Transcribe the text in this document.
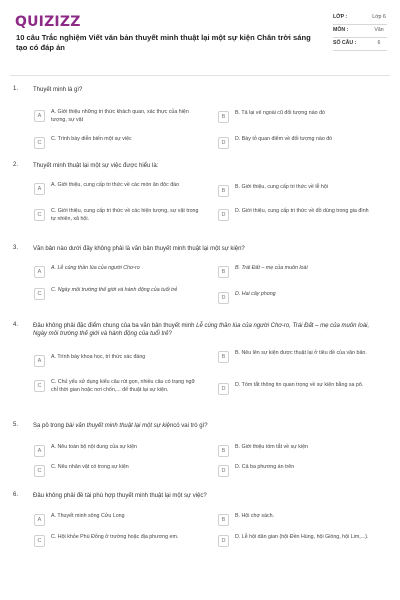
QUIZIZZ
10 câu Trắc nghiệm Viết văn bản thuyết minh thuật lại một sự kiện Chân trời sáng tạo có đáp án
LỚP :	Lớp 6
MÔN :	Văn
SỐ CÂU :	6
1.	Thuyết minh là gì?
A
A. Giới thiệu những tri thức khách quan, xác thực của hiện tượng, sự vật	B
B. Tả lại vẻ ngoài cũ đối tượng nào đó
C
C. Trình bày diễn biến một sự việc
D
D. Bày tỏ quan điểm về đối tượng nào đó
2.	Thuyết minh thuật lại một sự việc được hiểu là:
A
A. Giới thiệu, cung cấp tri thức về các món ăn độc đáo
B
B. Giới thiệu, cung cấp tri thức về lễ hội
C
C. Giới thiệu, cung cấp tri thức về các hiện tượng, sự vật trong tự nhiên, xã hội.
D
D. Giới thiệu, cung cấp tri thức về đồ dùng trong gia đình
3.	Văn bản nào dưới đây không phải là văn bản thuyết minh thuật lại một sự kiện?
A
A. Lễ cúng thần lúa của người Chơ-ro
B
B. Trái Đất – mẹ của muôn loài
C
C. Ngày môi trường thế giới và hành động của tuổi trẻ
D
D. Hai cây phong
4.	Đâu không phải đặc điểm chung của ba văn bản thuyết minh Lễ cúng thần lúa của người Chơ-ro, Trái Đất – mẹ của muôn loài, Ngày môi trường thế giới và hành động của tuổi trẻ?
A
A. Trình bày khoa học, trí thức xác đáng	B
B. Nêu lên sự kiện được thuật lại ở tiêu đề của văn bản.
C
C. Chủ yếu sử dụng kiểu câu rút gọn, nhiều câu có trạng ngữ chỉ thời gian hoặc nơi chốn,... để thuật lại sự kiện.	D
D. Tóm tắt thông tin quan trọng về sự kiện bằng sa pô.
5.	Sa pô trong bài văn thuyết minh thuật lại một sự kiệncó vai trò gì?
A
A. Nêu toàn bộ nội dung của sự kiện
B
B. Giới thiệu tóm tắt về sự kiện
C
C. Nêu nhân vật có trong sự kiện
D
D. Cả ba phương án trên
6.	Đâu không phải đề tài phù hợp thuyết minh thuật lại một sự việc?
A
A. Thuyết minh sông Cửu Long
B
B. Hội chợ sách.
C
C. Hội khỏe Phù Đổng ở trường hoặc địa phương em.
D
D. Lễ hội dân gian (hội Đền Hùng, hội Gióng, hội Lim,...).
